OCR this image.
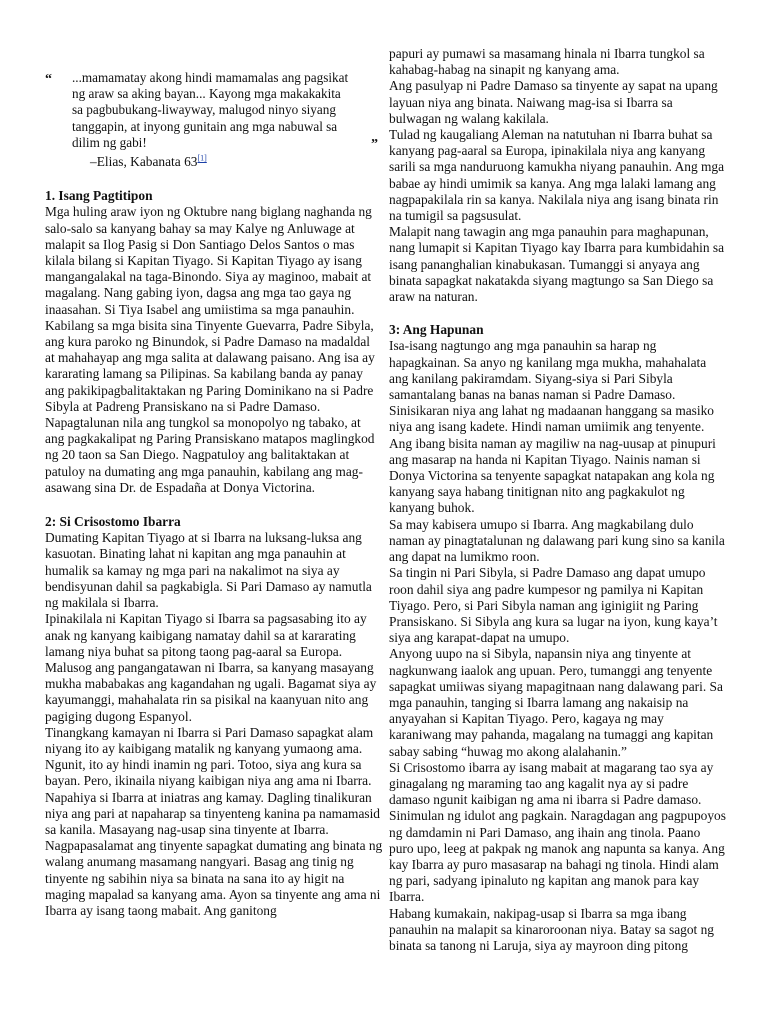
“ ...mamamatay akong hindi mamamalas ang pagsikat ng araw sa aking bayan... Kayong mga makakakita sa pagbubukang-liwayway, malugod ninyo siyang tanggapin, at inyong gunitain ang mga nabuwal sa dilim ng gabi!	”
–Elias, Kabanata 63[1]
1. Isang Pagtitipon

Mga huling araw iyon ng Oktubre nang biglang naghanda ng salo-salo sa kanyang bahay sa may Kalye ng Anluwage at malapit sa Ilog Pasig si Don Santiago Delos Santos o mas kilala bilang si Kapitan Tiyago. Si Kapitan Tiyago ay isang mangangalakal na taga-Binondo. Siya ay maginoo, mabait at magalang. Nang gabing iyon, dagsa ang mga tao gaya ng inaasahan. Si Tiya Isabel ang umiistima sa mga panauhin. Kabilang sa mga bisita sina Tinyente Guevarra, Padre Sibyla, ang kura paroko ng Binundok, si Padre Damaso na madaldal at mahahayap ang mga salita at dalawang paisano. Ang isa ay kararating lamang sa Pilipinas. Sa kabilang banda ay panay ang pakikipagbalitaktakan ng Paring Dominikano na si Padre Sibyla at Padreng Pransiskano na si Padre Damaso. Napagtalunan nila ang tungkol sa monopolyo ng tabako, at ang pagkakalipat ng Paring Pransiskano matapos maglingkod ng 20 taon sa San Diego. Nagpatuloy ang balitaktakan at patuloy na dumating ang mga panauhin, kabilang ang mag-asawang sina Dr. de Espadaña at Donya Victorina.

2: Si Crisostomo Ibarra

Dumating Kapitan Tiyago at si Ibarra na luksang-luksa ang kasuotan. Binating lahat ni kapitan ang mga panauhin at humalik sa kamay ng mga pari na nakalimot na siya ay bendisyunan dahil sa pagkabigla. Si Pari Damaso ay namutla ng makilala si Ibarra.

Ipinakilala ni Kapitan Tiyago si Ibarra sa pagsasabing ito ay anak ng kanyang kaibigang namatay dahil sa at kararating lamang niya buhat sa pitong taong pag-aaral sa Europa.

Malusog ang pangangatawan ni Ibarra, sa kanyang masayang mukha mababakas ang kagandahan ng ugali. Bagamat siya ay kayumanggi, mahahalata rin sa pisikal na kaanyuan nito ang pagiging dugong Espanyol.

Tinangkang kamayan ni Ibarra si Pari Damaso sapagkat alam niyang ito ay kaibigang matalik ng kanyang yumaong ama. Ngunit, ito ay hindi inamin ng pari. Totoo, siya ang kura sa bayan. Pero, ikinaila niyang kaibigan niya ang ama ni Ibarra.

Napahiya si Ibarra at iniatras ang kamay. Dagling tinalikuran niya ang pari at napaharap sa tinyenteng kanina pa namamasid sa kanila. Masayang nag-usap sina tinyente at Ibarra. Nagpapasalamat ang tinyente sapagkat dumating ang binata ng walang anumang masamang nangyari. Basag ang tinig ng tinyente ng sabihin niya sa binata na sana ito ay higit na maging mapalad sa kanyang ama. Ayon sa tinyente ang ama ni Ibarra ay isang taong mabait. Ang ganitong

papuri ay pumawi sa masamang hinala ni Ibarra tungkol sa kahabag-habag na sinapit ng kanyang ama.

Ang pasulyap ni Padre Damaso sa tinyente ay sapat na upang layuan niya ang binata. Naiwang mag-isa si Ibarra sa bulwagan ng walang kakilala.

Tulad ng kaugaliang Aleman na natutuhan ni Ibarra buhat sa kanyang pag-aaral sa Europa, ipinakilala niya ang kanyang sarili sa mga nanduruong kamukha niyang panauhin. Ang mga babae ay hindi umimik sa kanya. Ang mga lalaki lamang ang nagpapakilala rin sa kanya. Nakilala niya ang isang binata rin na tumigil sa pagsusulat.

Malapit nang tawagin ang mga panauhin para maghapunan, nang lumapit si Kapitan Tiyago kay Ibarra para kumbidahin sa isang pananghalian kinabukasan. Tumanggi si anyaya ang binata sapagkat nakatakda siyang magtungo sa San Diego sa araw na naturan.

3: Ang Hapunan

Isa-isang nagtungo ang mga panauhin sa harap ng hapagkainan. Sa anyo ng kanilang mga mukha, mahahalata ang kanilang pakiramdam. Siyang-siya si Pari Sibyla samantalang banas na banas naman si Padre Damaso. Sinisikaran niya ang lahat ng madaanan hanggang sa masiko niya ang isang kadete. Hindi naman umiimik ang tenyente. Ang ibang bisita naman ay magiliw na nag-uusap at pinupuri ang masarap na handa ni Kapitan Tiyago. Nainis naman si Donya Victorina sa tenyente sapagkat natapakan ang kola ng kanyang saya habang tinitignan nito ang pagkakulot ng kanyang buhok.

Sa may kabisera umupo si Ibarra. Ang magkabilang dulo naman ay pinagtatalunan ng dalawang pari kung sino sa kanila ang dapat na lumikmo roon.

Sa tingin ni Pari Sibyla, si Padre Damaso ang dapat umupo roon dahil siya ang padre kumpesor ng pamilya ni Kapitan Tiyago. Pero, si Pari Sibyla naman ang iginigiit ng Paring Pransiskano. Si Sibyla ang kura sa lugar na iyon, kung kaya’t siya ang karapat-dapat na umupo.

Anyong uupo na si Sibyla, napansin niya ang tinyente at nagkunwang iaalok ang upuan. Pero, tumanggi ang tenyente sapagkat umiiwas siyang mapagitnaan nang dalawang pari. Sa mga panauhin, tanging si Ibarra lamang ang nakaisip na anyayahan si Kapitan Tiyago. Pero, kagaya ng may karaniwang may pahanda, magalang na tumaggi ang kapitan sabay sabing “huwag mo akong alalahanin.”

Si Crisostomo ibarra ay isang mabait at magarang tao sya ay ginagalang ng maraming tao ang kagalit nya ay si padre damaso ngunit kaibigan ng ama ni ibarra si Padre damaso.

Sinimulan ng idulot ang pagkain. Naragdagan ang pagpupoyos ng damdamin ni Pari Damaso, ang ihain ang tinola. Paano puro upo, leeg at pakpak ng manok ang napunta sa kanya. Ang kay Ibarra ay puro masasarap na bahagi ng tinola. Hindi alam ng pari, sadyang ipinaluto ng kapitan ang manok para kay Ibarra.

Habang kumakain, nakipag-usap si Ibarra sa mga ibang panauhin na malapit sa kinaroroonan niya. Batay sa sagot ng binata sa tanong ni Laruja, siya ay mayroon ding pitong
